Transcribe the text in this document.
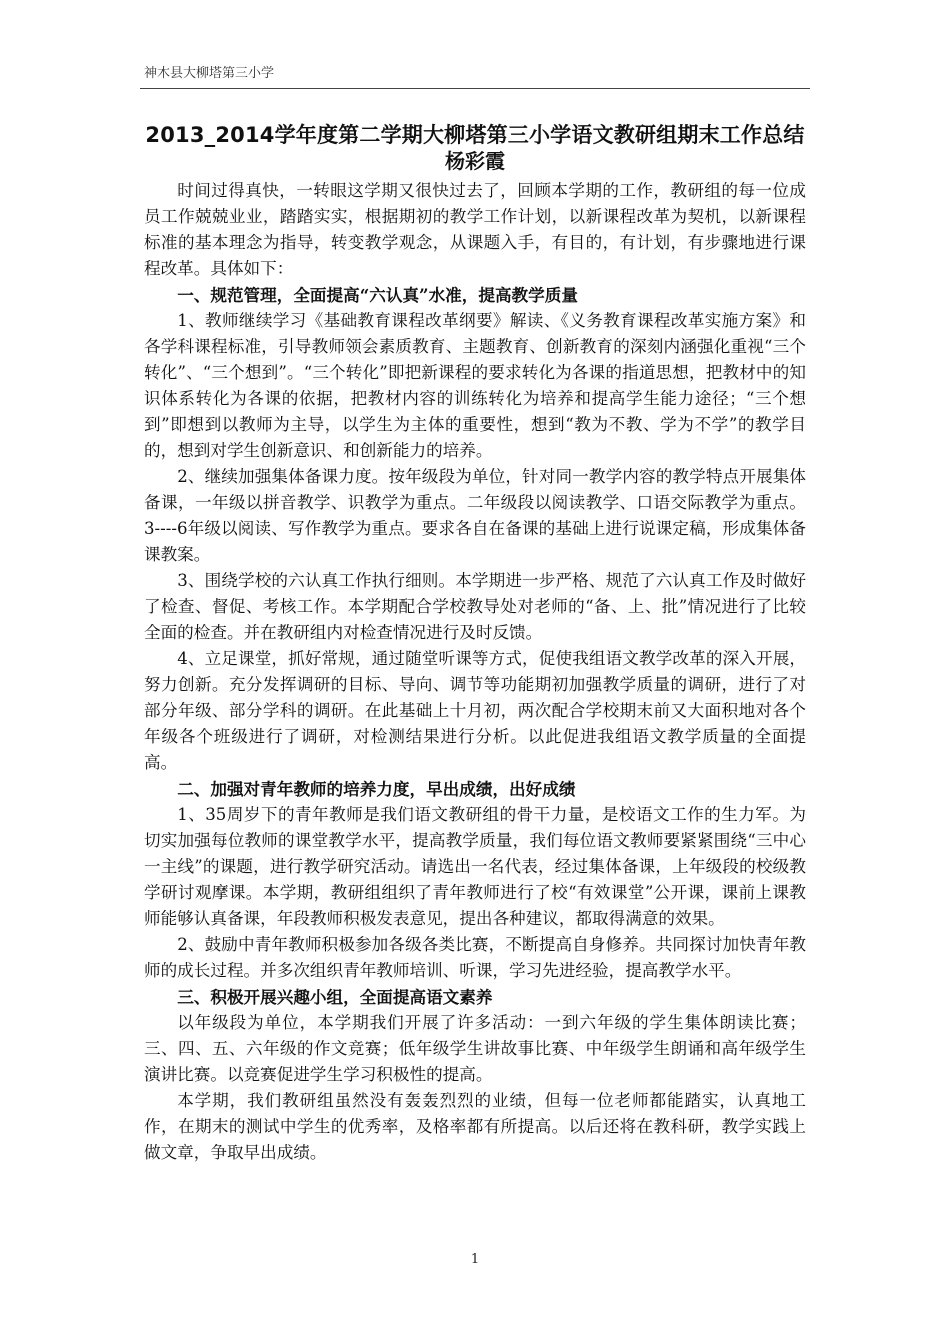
神木县大柳塔第三小学

2013_2014学年度第二学期大柳塔第三小学语文教研组期末工作总结

杨彩霞

时间过得真快，一转眼这学期又很快过去了，回顾本学期的工作，教研组的每一位成员工作兢兢业业，踏踏实实，根据期初的教学工作计划，以新课程改革为契机，以新课程标准的基本理念为指导，转变教学观念，从课题入手，有目的，有计划，有步骤地进行课程改革。具体如下：

一、规范管理，全面提高“六认真”水准，提高教学质量

1、教师继续学习《基础教育课程改革纲要》解读、《义务教育课程改革实施方案》和各学科课程标准，引导教师领会素质教育、主题教育、创新教育的深刻内涵强化重视“三个转化”、“三个想到”。“三个转化”即把新课程的要求转化为各课的指道思想，把教材中的知识体系转化为各课的依据，把教材内容的训练转化为培养和提高学生能力途径；“三个想到”即想到以教师为主导，以学生为主体的重要性，想到“教为不教、学为不学”的教学目的，想到对学生创新意识、和创新能力的培养。

2、继续加强集体备课力度。按年级段为单位，针对同一教学内容的教学特点开展集体备课，一年级以拼音教学、识教学为重点。二年级段以阅读教学、口语交际教学为重点。3----6年级以阅读、写作教学为重点。要求各自在备课的基础上进行说课定稿，形成集体备课教案。

3、围绕学校的六认真工作执行细则。本学期进一步严格、规范了六认真工作及时做好了检查、督促、考核工作。本学期配合学校教导处对老师的“备、上、批”情况进行了比较全面的检查。并在教研组内对检查情况进行及时反馈。

4、立足课堂，抓好常规，通过随堂听课等方式，促使我组语文教学改革的深入开展，努力创新。充分发挥调研的目标、导向、调节等功能期初加强教学质量的调研，进行了对部分年级、部分学科的调研。在此基础上十月初，两次配合学校期末前又大面积地对各个年级各个班级进行了调研，对检测结果进行分析。以此促进我组语文教学质量的全面提高。

二、加强对青年教师的培养力度，早出成绩，出好成绩

1、35周岁下的青年教师是我们语文教研组的骨干力量，是校语文工作的生力军。为切实加强每位教师的课堂教学水平，提高教学质量，我们每位语文教师要紧紧围绕“三中心一主线”的课题，进行教学研究活动。请选出一名代表，经过集体备课，上年级段的校级教学研讨观摩课。本学期，教研组组织了青年教师进行了校“有效课堂”公开课，课前上课教师能够认真备课，年段教师积极发表意见，提出各种建议，都取得满意的效果。

2、鼓励中青年教师积极参加各级各类比赛，不断提高自身修养。共同探讨加快青年教师的成长过程。并多次组织青年教师培训、听课，学习先进经验，提高教学水平。

三、积极开展兴趣小组，全面提高语文素养

以年级段为单位，本学期我们开展了许多活动：一到六年级的学生集体朗读比赛；三、四、五、六年级的作文竞赛；低年级学生讲故事比赛、中年级学生朗诵和高年级学生演讲比赛。以竞赛促进学生学习积极性的提高。

本学期，我们教研组虽然没有轰轰烈烈的业绩，但每一位老师都能踏实，认真地工作，在期末的测试中学生的优秀率，及格率都有所提高。以后还将在教科研，教学实践上做文章，争取早出成绩。

1
